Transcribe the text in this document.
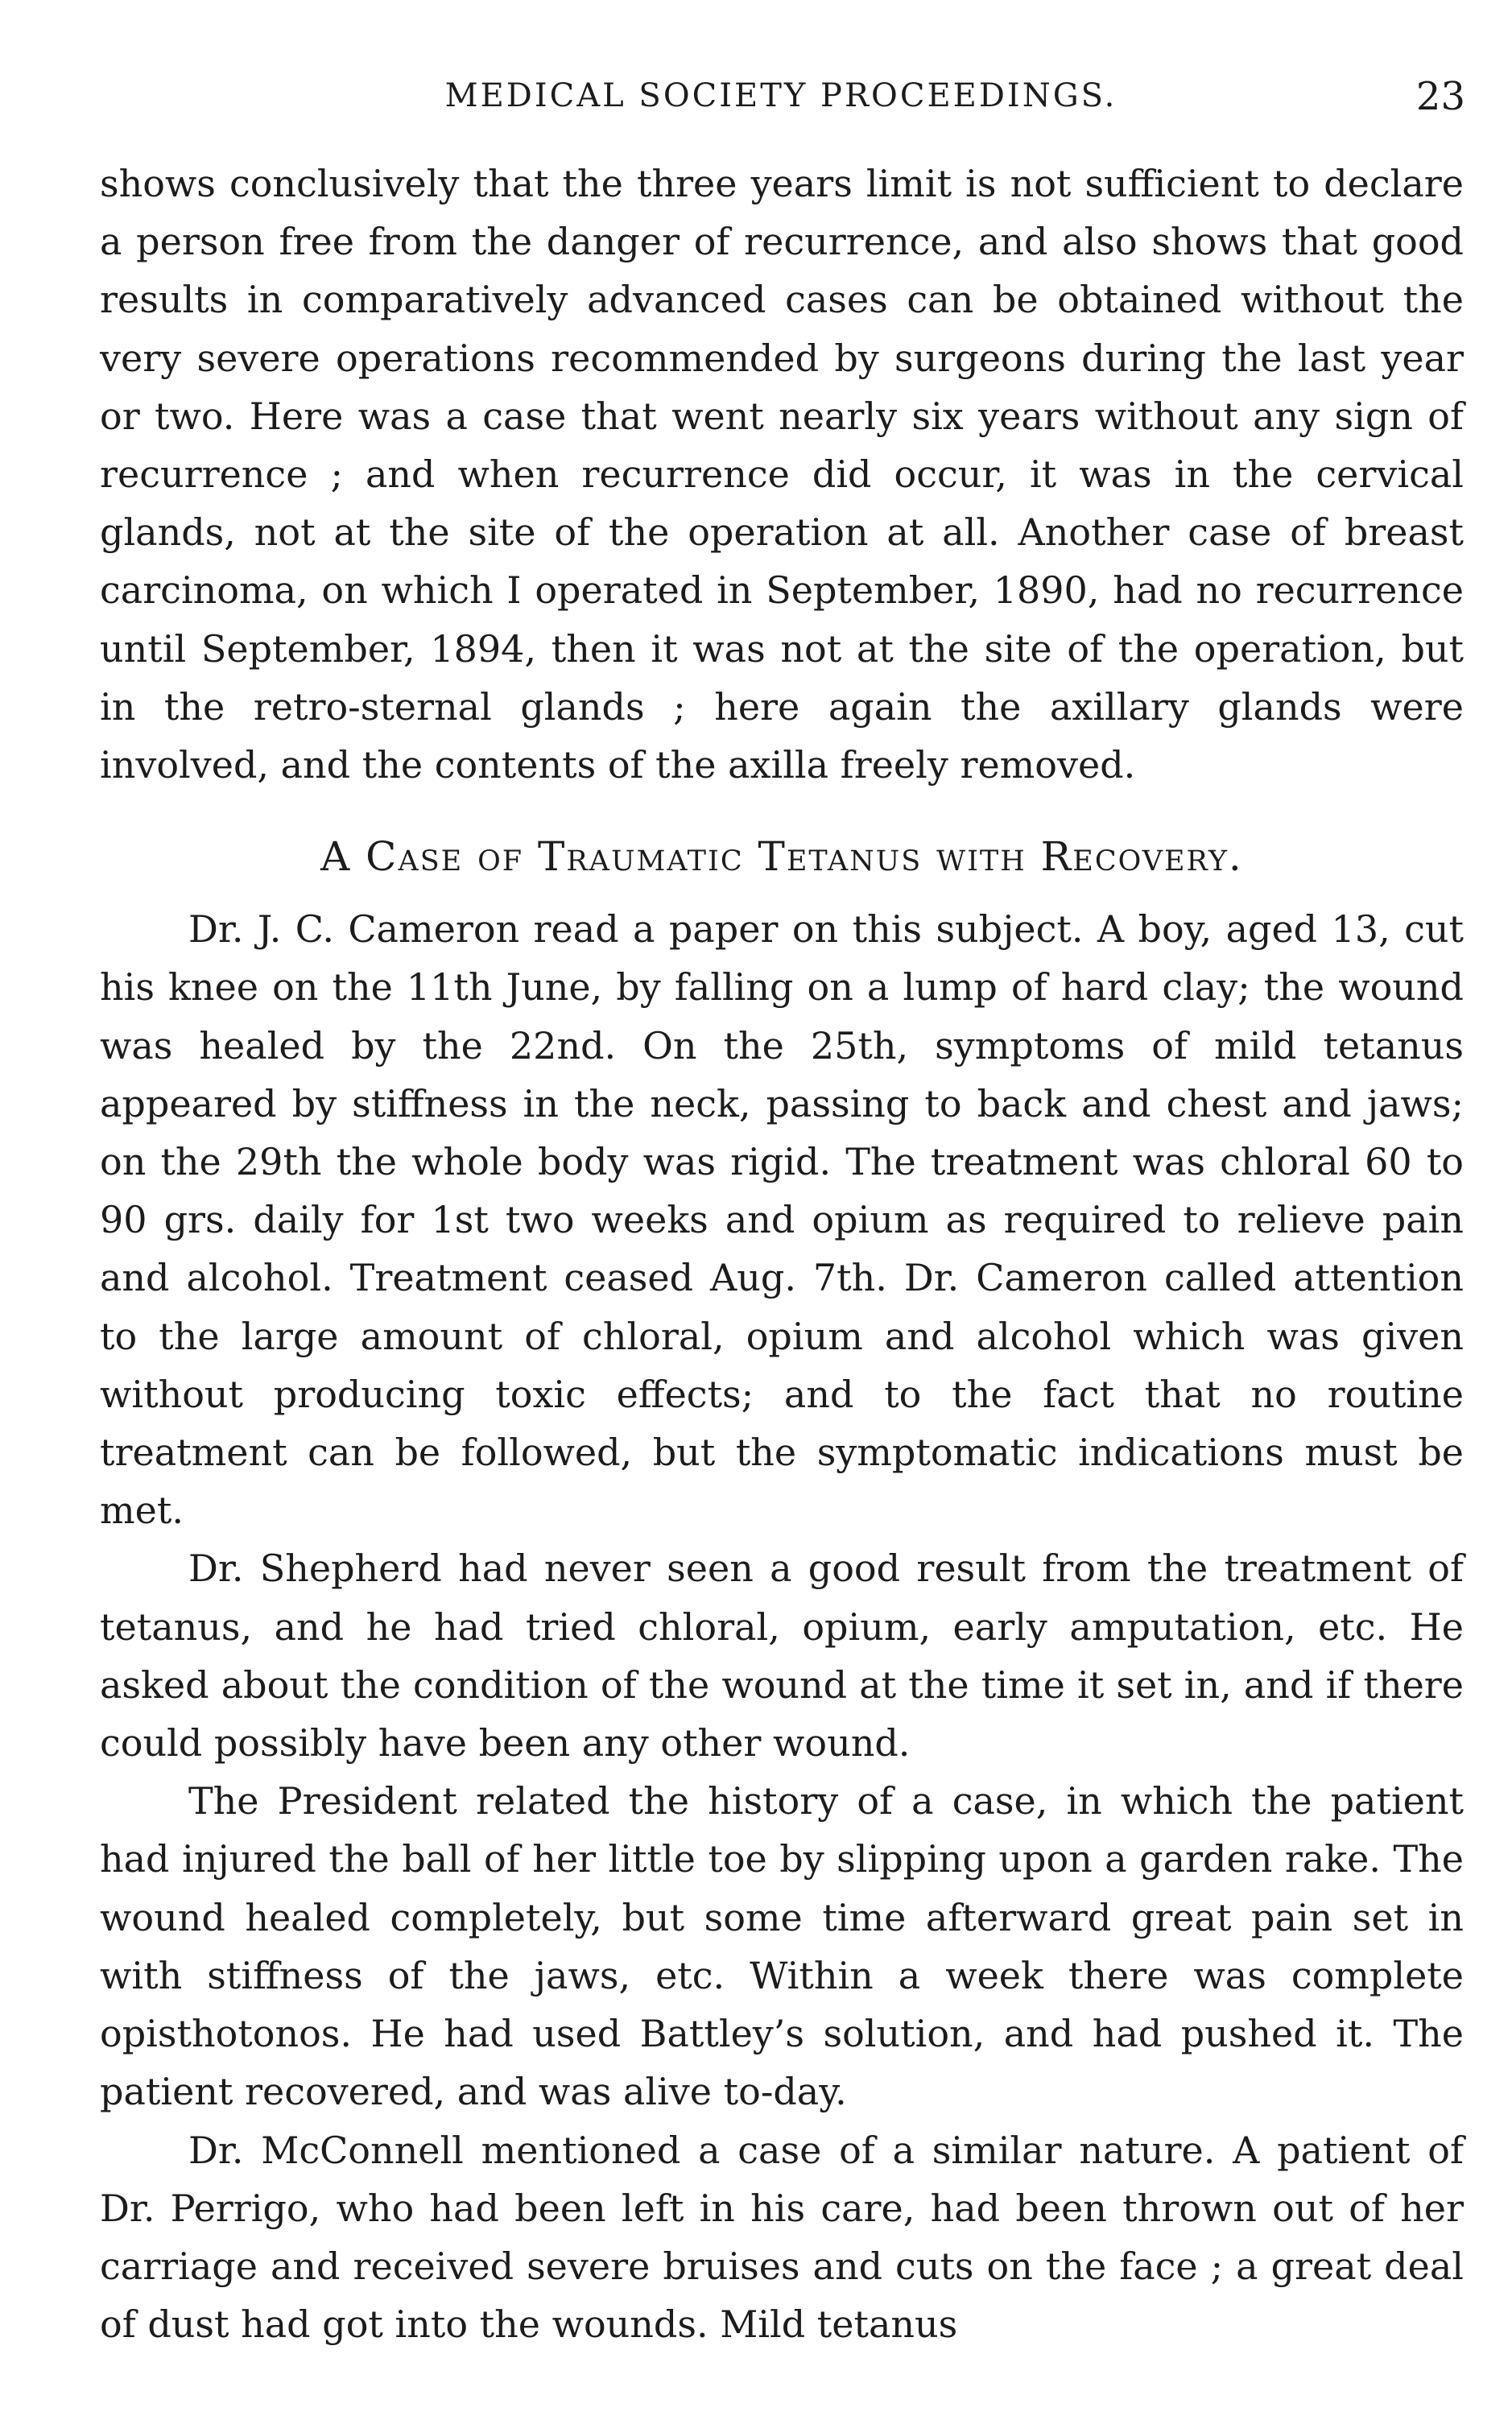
MEDICAL SOCIETY PROCEEDINGS.	23

shows conclusively that the three years limit is not sufficient to declare a person free from the danger of recurrence, and also shows that good results in comparatively advanced cases can be obtained without the very severe operations recommended by surgeons during the last year or two. Here was a case that went nearly six years without any sign of recurrence ; and when recurrence did occur, it was in the cervical glands, not at the site of the operation at all. Another case of breast carcinoma, on which I operated in September, 1890, had no recurrence until September, 1894, then it was not at the site of the operation, but in the retro-sternal glands ; here again the axillary glands were involved, and the contents of the axilla freely removed.

A Case of Traumatic Tetanus with Recovery.

Dr. J. C. Cameron read a paper on this subject. A boy, aged 13, cut his knee on the 11th June, by falling on a lump of hard clay; the wound was healed by the 22nd. On the 25th, symptoms of mild tetanus appeared by stiffness in the neck, passing to back and chest and jaws; on the 29th the whole body was rigid. The treatment was chloral 60 to 90 grs. daily for 1st two weeks and opium as required to relieve pain and alcohol. Treatment ceased Aug. 7th. Dr. Cameron called attention to the large amount of chloral, opium and alcohol which was given without producing toxic effects; and to the fact that no routine treatment can be followed, but the symptomatic indications must be met.

Dr. Shepherd had never seen a good result from the treatment of tetanus, and he had tried chloral, opium, early amputation, etc. He asked about the condition of the wound at the time it set in, and if there could possibly have been any other wound.

The President related the history of a case, in which the patient had injured the ball of her little toe by slipping upon a garden rake. The wound healed completely, but some time afterward great pain set in with stiffness of the jaws, etc. Within a week there was complete opisthotonos. He had used Battley’s solution, and had pushed it. The patient recovered, and was alive to-day.

Dr. McConnell mentioned a case of a similar nature. A patient of Dr. Perrigo, who had been left in his care, had been thrown out of her carriage and received severe bruises and cuts on the face ; a great deal of dust had got into the wounds. Mild tetanus
